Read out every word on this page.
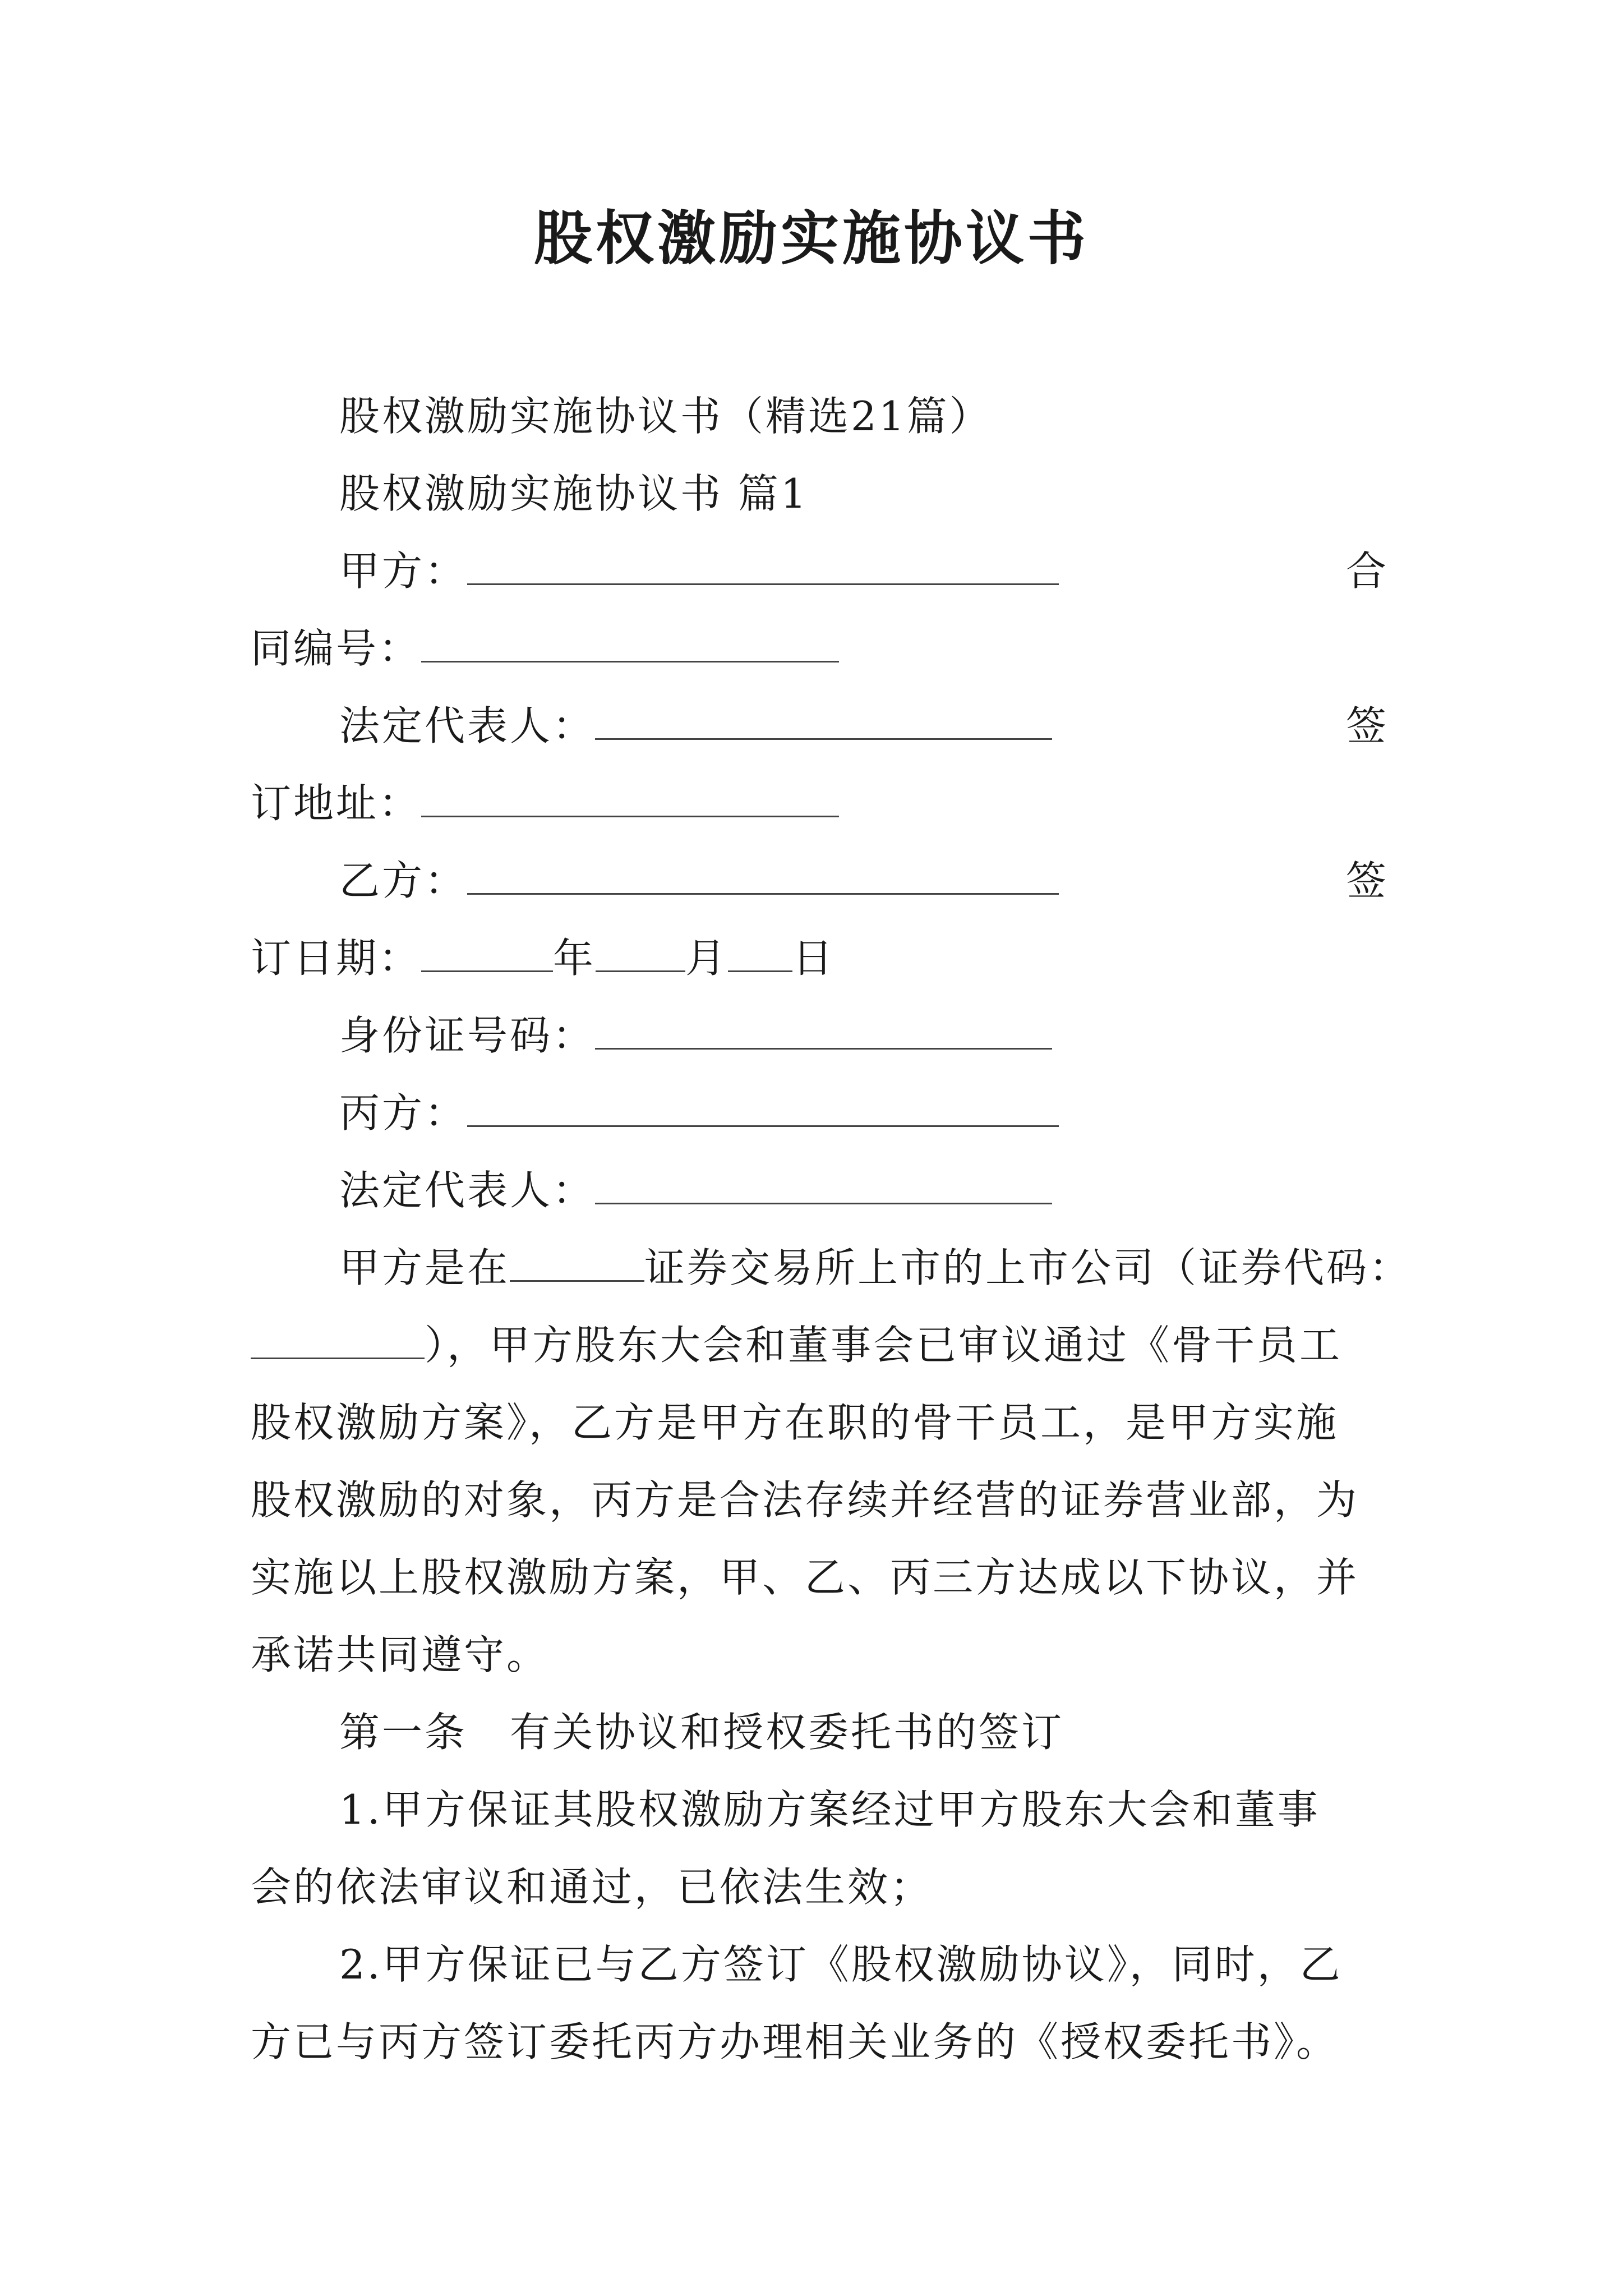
股权激励实施协议书
股权激励实施协议书（精选21篇）
股权激励实施协议书 篇1
甲方：	合
同编号：
法定代表人：	签
订地址：
乙方：	签
订日期：	年 月 日
身份证号码：
丙方：
法定代表人：
甲方是在	证券交易所上市的上市公司（证券代码：
），甲方股东大会和董事会已审议通过《骨干员工
股权激励方案》，乙方是甲方在职的骨干员工，是甲方实施
股权激励的对象，丙方是合法存续并经营的证券营业部，为
实施以上股权激励方案，甲、乙、丙三方达成以下协议，并
承诺共同遵守。
第一条　有关协议和授权委托书的签订
1.甲方保证其股权激励方案经过甲方股东大会和董事
会的依法审议和通过，已依法生效；
2.甲方保证已与乙方签订《股权激励协议》，同时，乙
方已与丙方签订委托丙方办理相关业务的《授权委托书》。
